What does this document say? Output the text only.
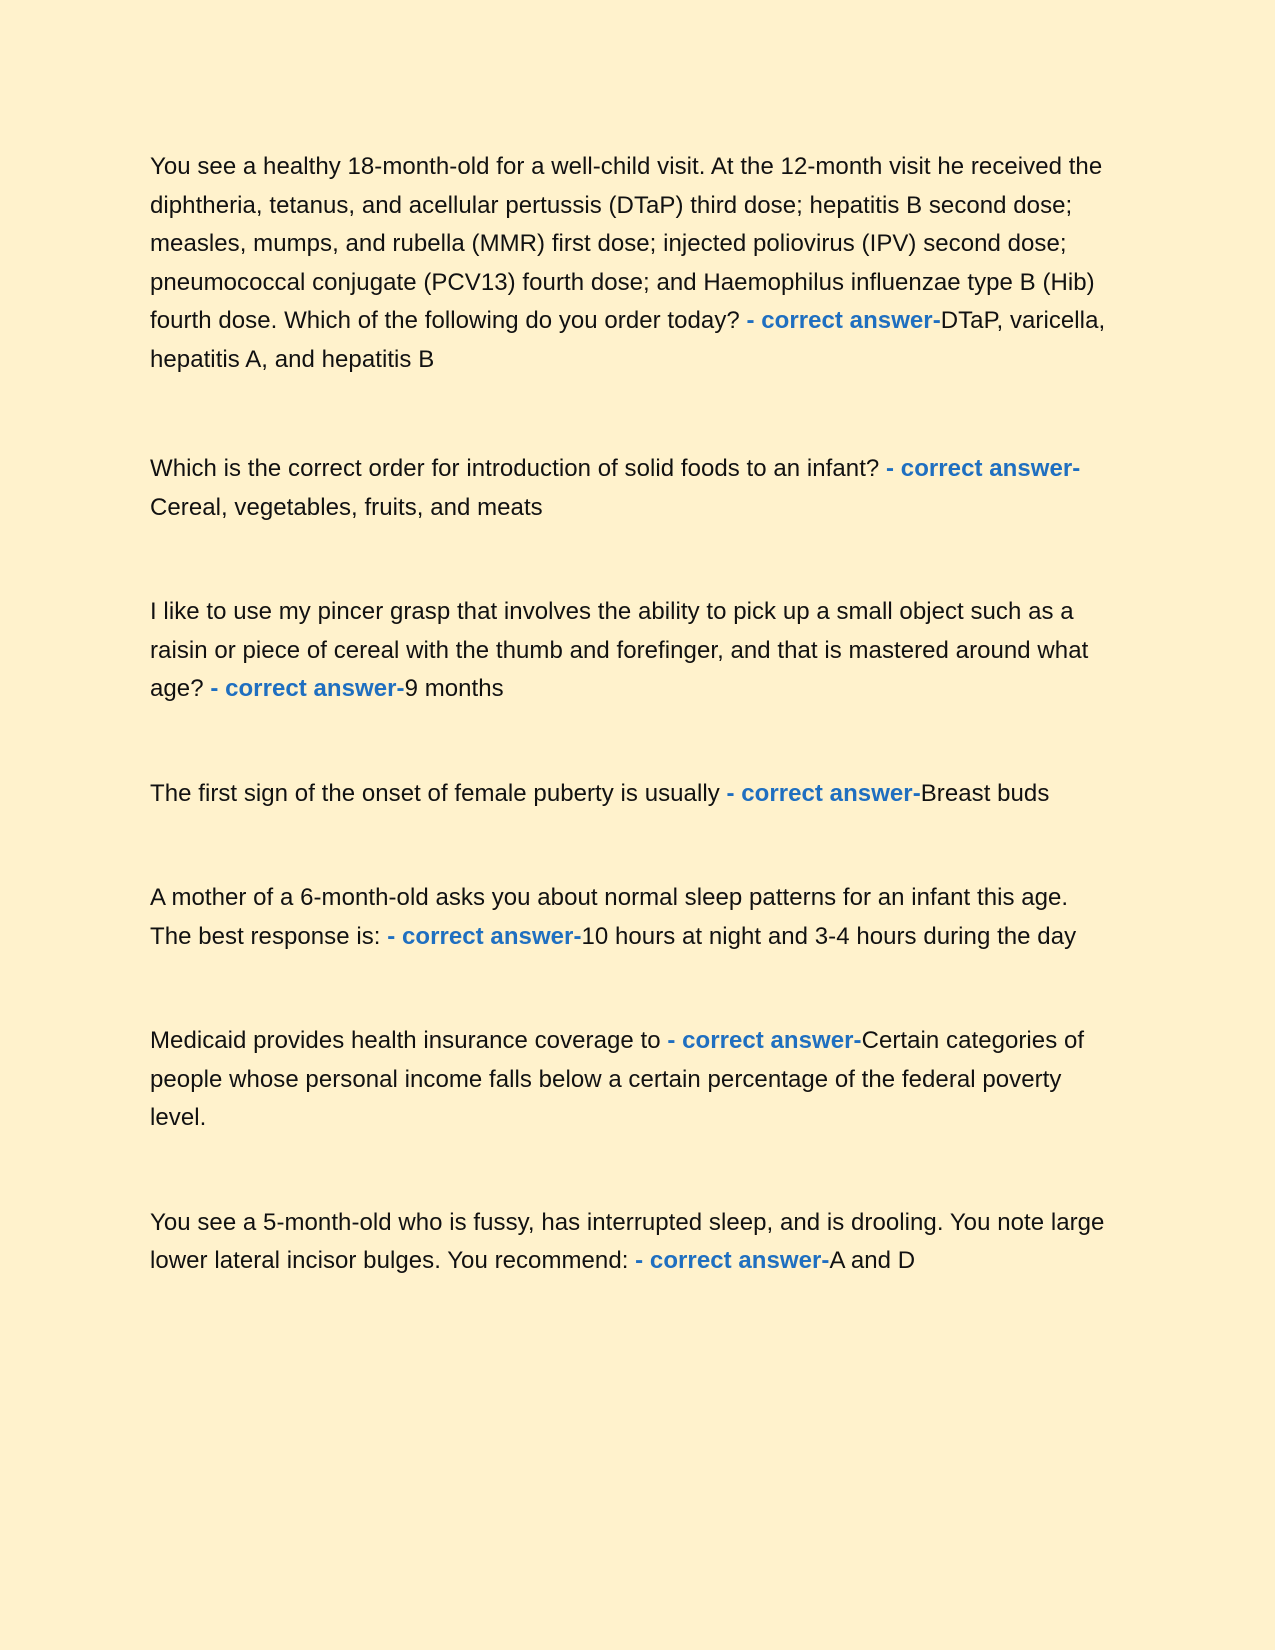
You see a healthy 18-month-old for a well-child visit. At the 12-month visit he received the diphtheria, tetanus, and acellular pertussis (DTaP) third dose; hepatitis B second dose; measles, mumps, and rubella (MMR) first dose; injected poliovirus (IPV) second dose; pneumococcal conjugate (PCV13) fourth dose; and Haemophilus influenzae type B (Hib) fourth dose. Which of the following do you order today? - correct answer-DTaP, varicella, hepatitis A, and hepatitis B

Which is the correct order for introduction of solid foods to an infant? - correct answer-Cereal, vegetables, fruits, and meats

I like to use my pincer grasp that involves the ability to pick up a small object such as a raisin or piece of cereal with the thumb and forefinger, and that is mastered around what age? - correct answer-9 months

The first sign of the onset of female puberty is usually - correct answer-Breast buds

A mother of a 6-month-old asks you about normal sleep patterns for an infant this age. The best response is: - correct answer-10 hours at night and 3-4 hours during the day

Medicaid provides health insurance coverage to - correct answer-Certain categories of people whose personal income falls below a certain percentage of the federal poverty level.

You see a 5-month-old who is fussy, has interrupted sleep, and is drooling. You note large lower lateral incisor bulges. You recommend: - correct answer-A and D
